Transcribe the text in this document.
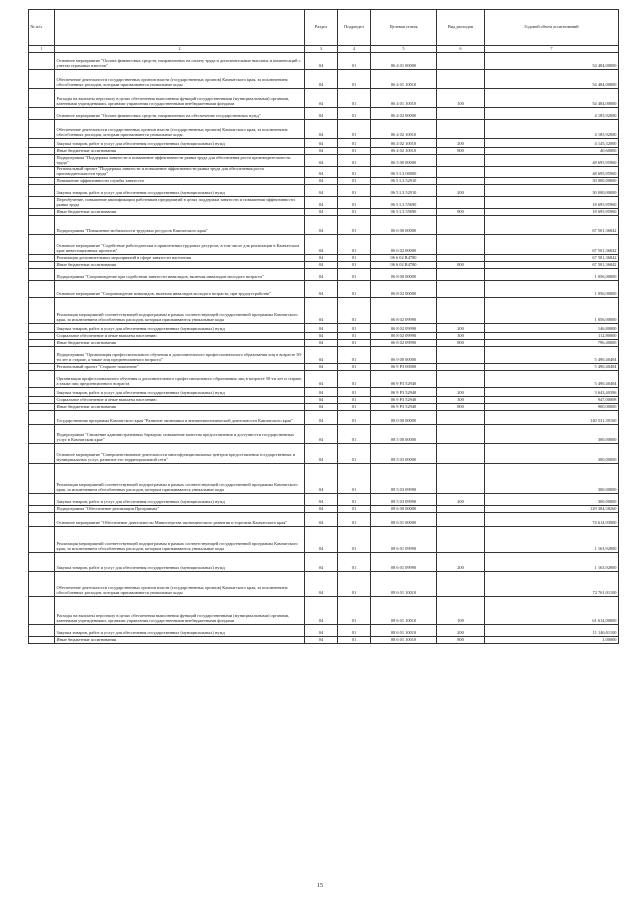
№ п/п		Раздел	Подраздел	Целевая статья	Вид расходов	Годовой объем ассигнований
1	2	3	4	5	6	7
	Основное мероприятие "Оплата финансовых средств, направленных на оплату труда и дополнительные выплаты и компенсаций с учетом страховых взносов"	04	01	06 4 01 00000		54 484,00000
	Обеспечение деятельности государственных органов власти (государственных органов) Камчатского края, за исключением обособленных расходов, которым присваиваются уникальные коды	04	01	06 4 01 10010		54 484,00000
	Расходы на выплаты персоналу в целях обеспечения выполнения функций государственными (муниципальными) органами, казенными учреждениями, органами управления государственными внебюджетными фондами	04	01	06 4 01 10010	100	54 484,00000
	Основное мероприятие "Оплата финансовых средств, направленных на обеспечение государственных нужд"	04	01	06 4 02 00000		4 185,92000
	Обеспечение деятельности государственных органов власти (государственных органов) Камчатского края, за исключением обособленных расходов, которым присваиваются уникальные коды	04	01	06 4 02 10010		4 185,92000
	Закупка товаров, работ и услуг для обеспечения государственных (муниципальных) нужд	04	01	06 4 02 10010	200	4 145,32000
	Иные бюджетные ассигнования	04	01	06 4 02 10010	800	40,60000
	Подпрограмма "Поддержка занятости и повышение эффективности рынка труда для обеспечения роста производительности труда"	04	01	06 5 00 00000		48 695,95960
	Региональный проект "Поддержка занятости и повышение эффективности рынка труда для обеспечения роста производительности труда"	04	01	06 5 L3 00000		48 695,95960
	Повышение эффективности службы занятости	04	01	06 5 L3 52910		30 000,00000
	Закупка товаров, работ и услуг для обеспечения государственных (муниципальных) нужд	04	01	06 5 L3 52910	200	30 000,00000
	Переобучение, повышение квалификации работников предприятий в целях поддержки занятости и повышения эффективности рынка труда	04	01	06 5 L3 55690		18 695,95960
	Иные бюджетные ассигнования	04	01	06 5 L3 55690	800	18 695,95960
	Подпрограмма "Повышение мобильности трудовых ресурсов Камчатского края"	04	01	06 6 00 00000		67 501,36842
	Основное мероприятие "Содействие работодателям в привлечении трудовых ресурсов, в том числе для реализации в Камчатском крае инвестиционных проектов"	04	01	06 6 02 00000		67 501,36842
	Реализация дополнительных мероприятий в сфере занятости населения	04	01	06 6 02 R4780		67 501,36842
	Иные бюджетные ассигнования	04	01	06 6 02 R4780	800	67 501,36842
	Подпрограмма "Сопровождение при содействии занятости инвалидов, включая инвалидов молодого возраста"	04	01	06 8 00 00000		1 056,00000
	Основное мероприятие "Сопровождение инвалидов, включая инвалидов молодого возраста, при трудоустройстве"	04	01	06 8 02 00000		1 056,00000
	Реализация мероприятий соответствующей подпрограммы в рамках соответствующей государственной программы Камчатского края, за исключением обособленных расходов, которым присваиваются уникальные коды	04	01	06 8 02 09990		1 056,00000
	Закупка товаров, работ и услуг для обеспечения государственных (муниципальных) нужд	04	01	06 8 02 09990	200	146,80000
	Социальное обеспечение и иные выплаты населению	04	01	06 8 02 09990	300	112,80000
	Иные бюджетные ассигнования	04	01	06 8 02 09990	800	796,40000
	Подпрограмма "Организация профессионального обучения и дополнительного профессионального образования лиц в возрасте 50-ти лет и старше, а также лиц предпенсионного возраста"	04	01	06 9 00 00000		5 490,40404
	Региональный проект "Старшее поколение"	04	01	06 9 P3 00000		5 490,40404
	Организация профессионального обучения и дополнительного профессионального образования лиц в возрасте 50-ти лет и старше, а также лиц предпенсионного возраста	04	01	06 9 P3 52940		5 490,40404
	Закупка товаров, работ и услуг для обеспечения государственных (муниципальных) нужд	04	01	06 9 P3 52940	200	3 643,40396
	Социальное обеспечение и иные выплаты населению	04	01	06 9 P3 52940	300	947,00008
	Иные бюджетные ассигнования	04	01	06 9 P3 52940	800	900,00000
	Государственная программа Камчатского края "Развитие экономики и внешнеэкономической деятельности Камчатского края"	04	01	08 0 00 00000		140 531,39160
	Подпрограмма "Снижение административных барьеров, повышение качества предоставления и доступности государственных услуг в Камчатском крае"	04	01	08 5 00 00000		300,00000
	Основное мероприятие "Совершенствование деятельности многофункциональных центров предоставления государственных и муниципальных услуг, развитие его территориальной сети"	04	01	08 5 03 00000		300,00000
	Реализация мероприятий соответствующей подпрограммы в рамках соответствующей государственной программы Камчатского края, за исключением обособленных расходов, которым присваиваются уникальные коды	04	01	08 5 03 09990		300,00000
	Закупка товаров, работ и услуг для обеспечения государственных (муниципальных) нужд	04	01	08 5 03 09990	200	300,00000
	Подпрограмма "Обеспечение реализации Программы"	04	01	08 6 00 00000		129 384,58260
	Основное мероприятие "Обеспечение деятельности Министерства экономического развития и торговли Камчатского края"	04	01	08 6 01 00000		74 614,93900
	Реализация мероприятий соответствующей подпрограммы в рамках соответствующей государственной программы Камчатского края, за исключением обособленных расходов, которым присваиваются уникальные коды	04	01	08 6 01 09990		1 163,92800
	Закупка товаров, работ и услуг для обеспечения государственных (муниципальных) нужд	04	01	08 6 01 09990	200	1 163,92800
	Обеспечение деятельности государственных органов власти (государственных органов) Камчатского края, за исключением обособленных расходов, которым присваиваются уникальные коды	04	01	08 6 01 10010		72 761,01100
	Расходы на выплаты персоналу в целях обеспечения выполнения функций государственными (муниципальными) органами, казенными учреждениями, органами управления государственными внебюджетными фондами	04	01	08 6 01 10010	100	61 614,00000
	Закупка товаров, работ и услуг для обеспечения государственных (муниципальных) нужд	04	01	08 6 01 10010	200	11 146,01100
	Иные бюджетные ассигнования	04	01	08 6 01 10010	800	1,00000
15
